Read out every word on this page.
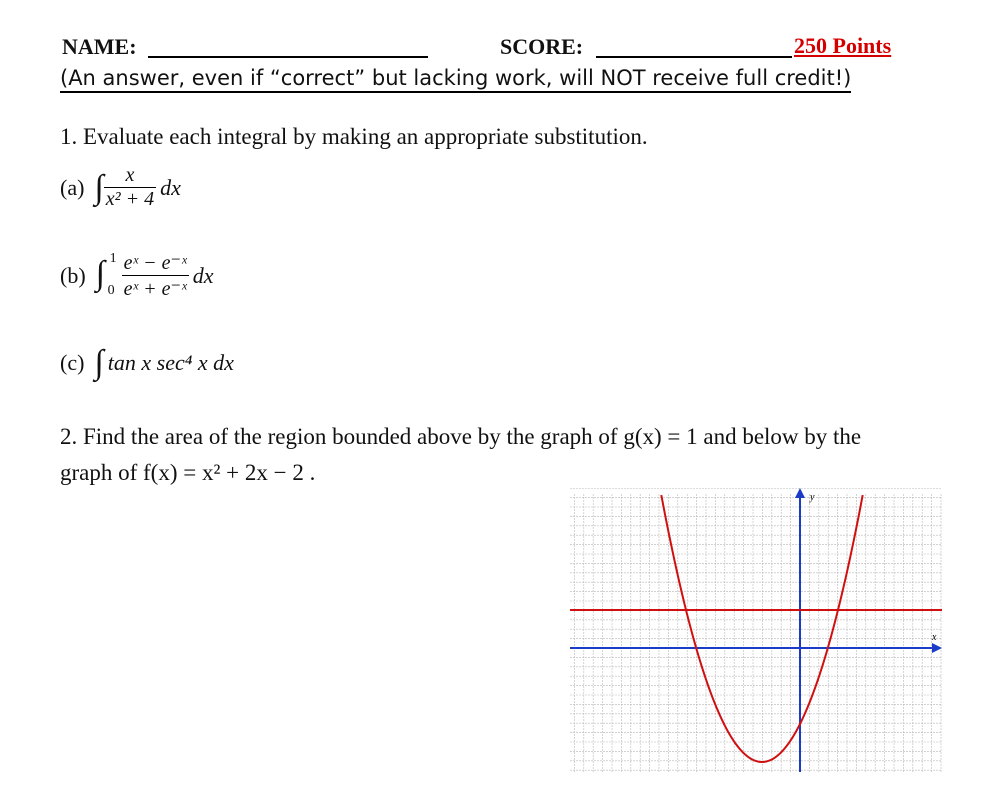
NAME:	SCORE:	250 Points
(An answer, even if “correct” but lacking work, will NOT receive full credit!)
1. Evaluate each integral by making an appropriate substitution.
(a) ∫ $\frac{x}{\text{x² + 4}}$ dx
(b) ∫ 1
$0 \frac{\text{eˣ − e⁻ˣ}}{\text{eˣ + e⁻ˣ}}$ dx
(c) ∫ tan x sec⁴ x dx
2. Find the area of the region bounded above by the graph of g(x) = 1 and below by the
graph of f(x) = x² + 2x − 2 .
x
y
